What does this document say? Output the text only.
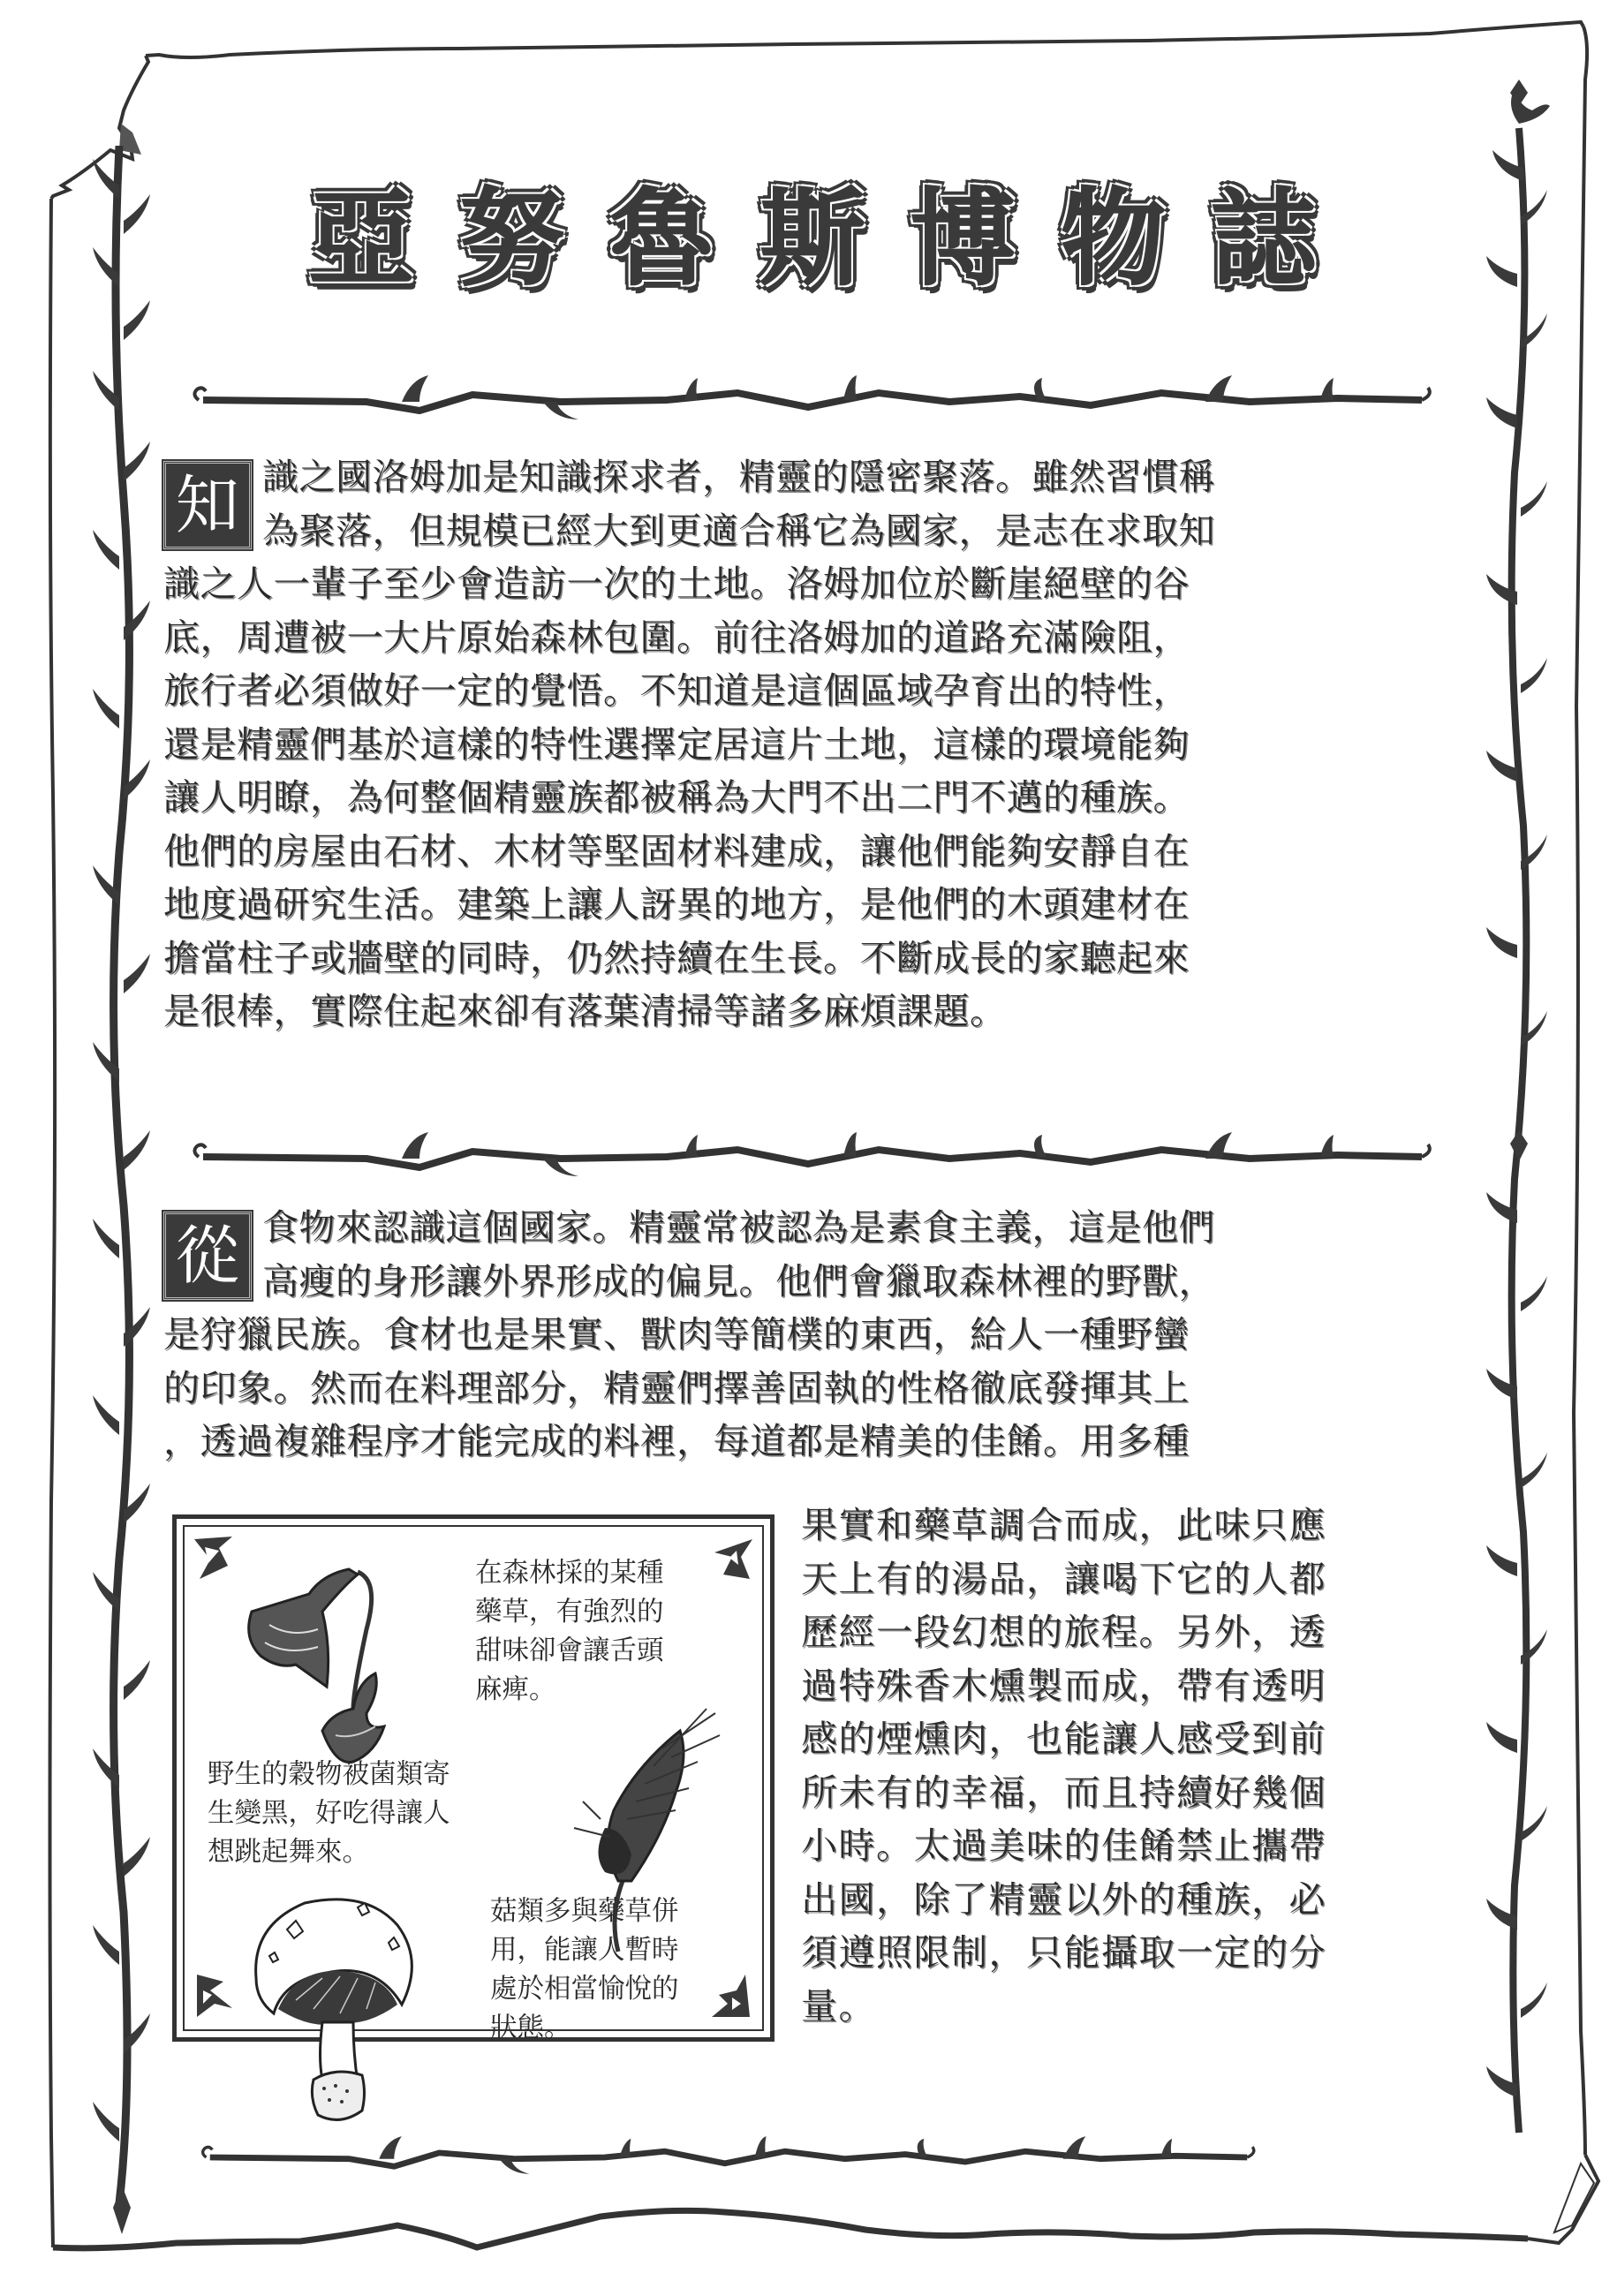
亞 努 魯 斯 博 物 誌
知 識之國洛姆加是知識探求者，精靈的隱密聚落。雖然習慣稱
為聚落，但規模已經大到更適合稱它為國家，是志在求取知
識之人一輩子至少會造訪一次的土地。洛姆加位於斷崖絕壁的谷
底，周遭被一大片原始森林包圍。前往洛姆加的道路充滿險阻，
旅行者必須做好一定的覺悟。不知道是這個區域孕育出的特性，
還是精靈們基於這樣的特性選擇定居這片土地，這樣的環境能夠
讓人明瞭，為何整個精靈族都被稱為大門不出二門不邁的種族。
他們的房屋由石材、木材等堅固材料建成，讓他們能夠安靜自在
地度過研究生活。建築上讓人訝異的地方，是他們的木頭建材在
擔當柱子或牆壁的同時，仍然持續在生長。不斷成長的家聽起來
是很棒，實際住起來卻有落葉清掃等諸多麻煩課題。
從 食物來認識這個國家。精靈常被認為是素食主義，這是他們
高瘦的身形讓外界形成的偏見。他們會獵取森林裡的野獸，
是狩獵民族。食材也是果實、獸肉等簡樸的東西，給人一種野蠻
的印象。然而在料理部分，精靈們擇善固執的性格徹底發揮其上
，透過複雜程序才能完成的料裡，每道都是精美的佳餚。用多種
果實和藥草調合而成，此味只應
天上有的湯品，讓喝下它的人都
歷經一段幻想的旅程。另外，透
過特殊香木燻製而成，帶有透明
感的煙燻肉，也能讓人感受到前
所未有的幸福，而且持續好幾個
小時。太過美味的佳餚禁止攜帶
出國，除了精靈以外的種族，必
須遵照限制，只能攝取一定的分
量。
在森林採的某種
藥草，有強烈的
甜味卻會讓舌頭
麻痺。
野生的穀物被菌類寄
生變黑，好吃得讓人
想跳起舞來。
菇類多與藥草併
用，能讓人暫時
處於相當愉悅的
狀態。
